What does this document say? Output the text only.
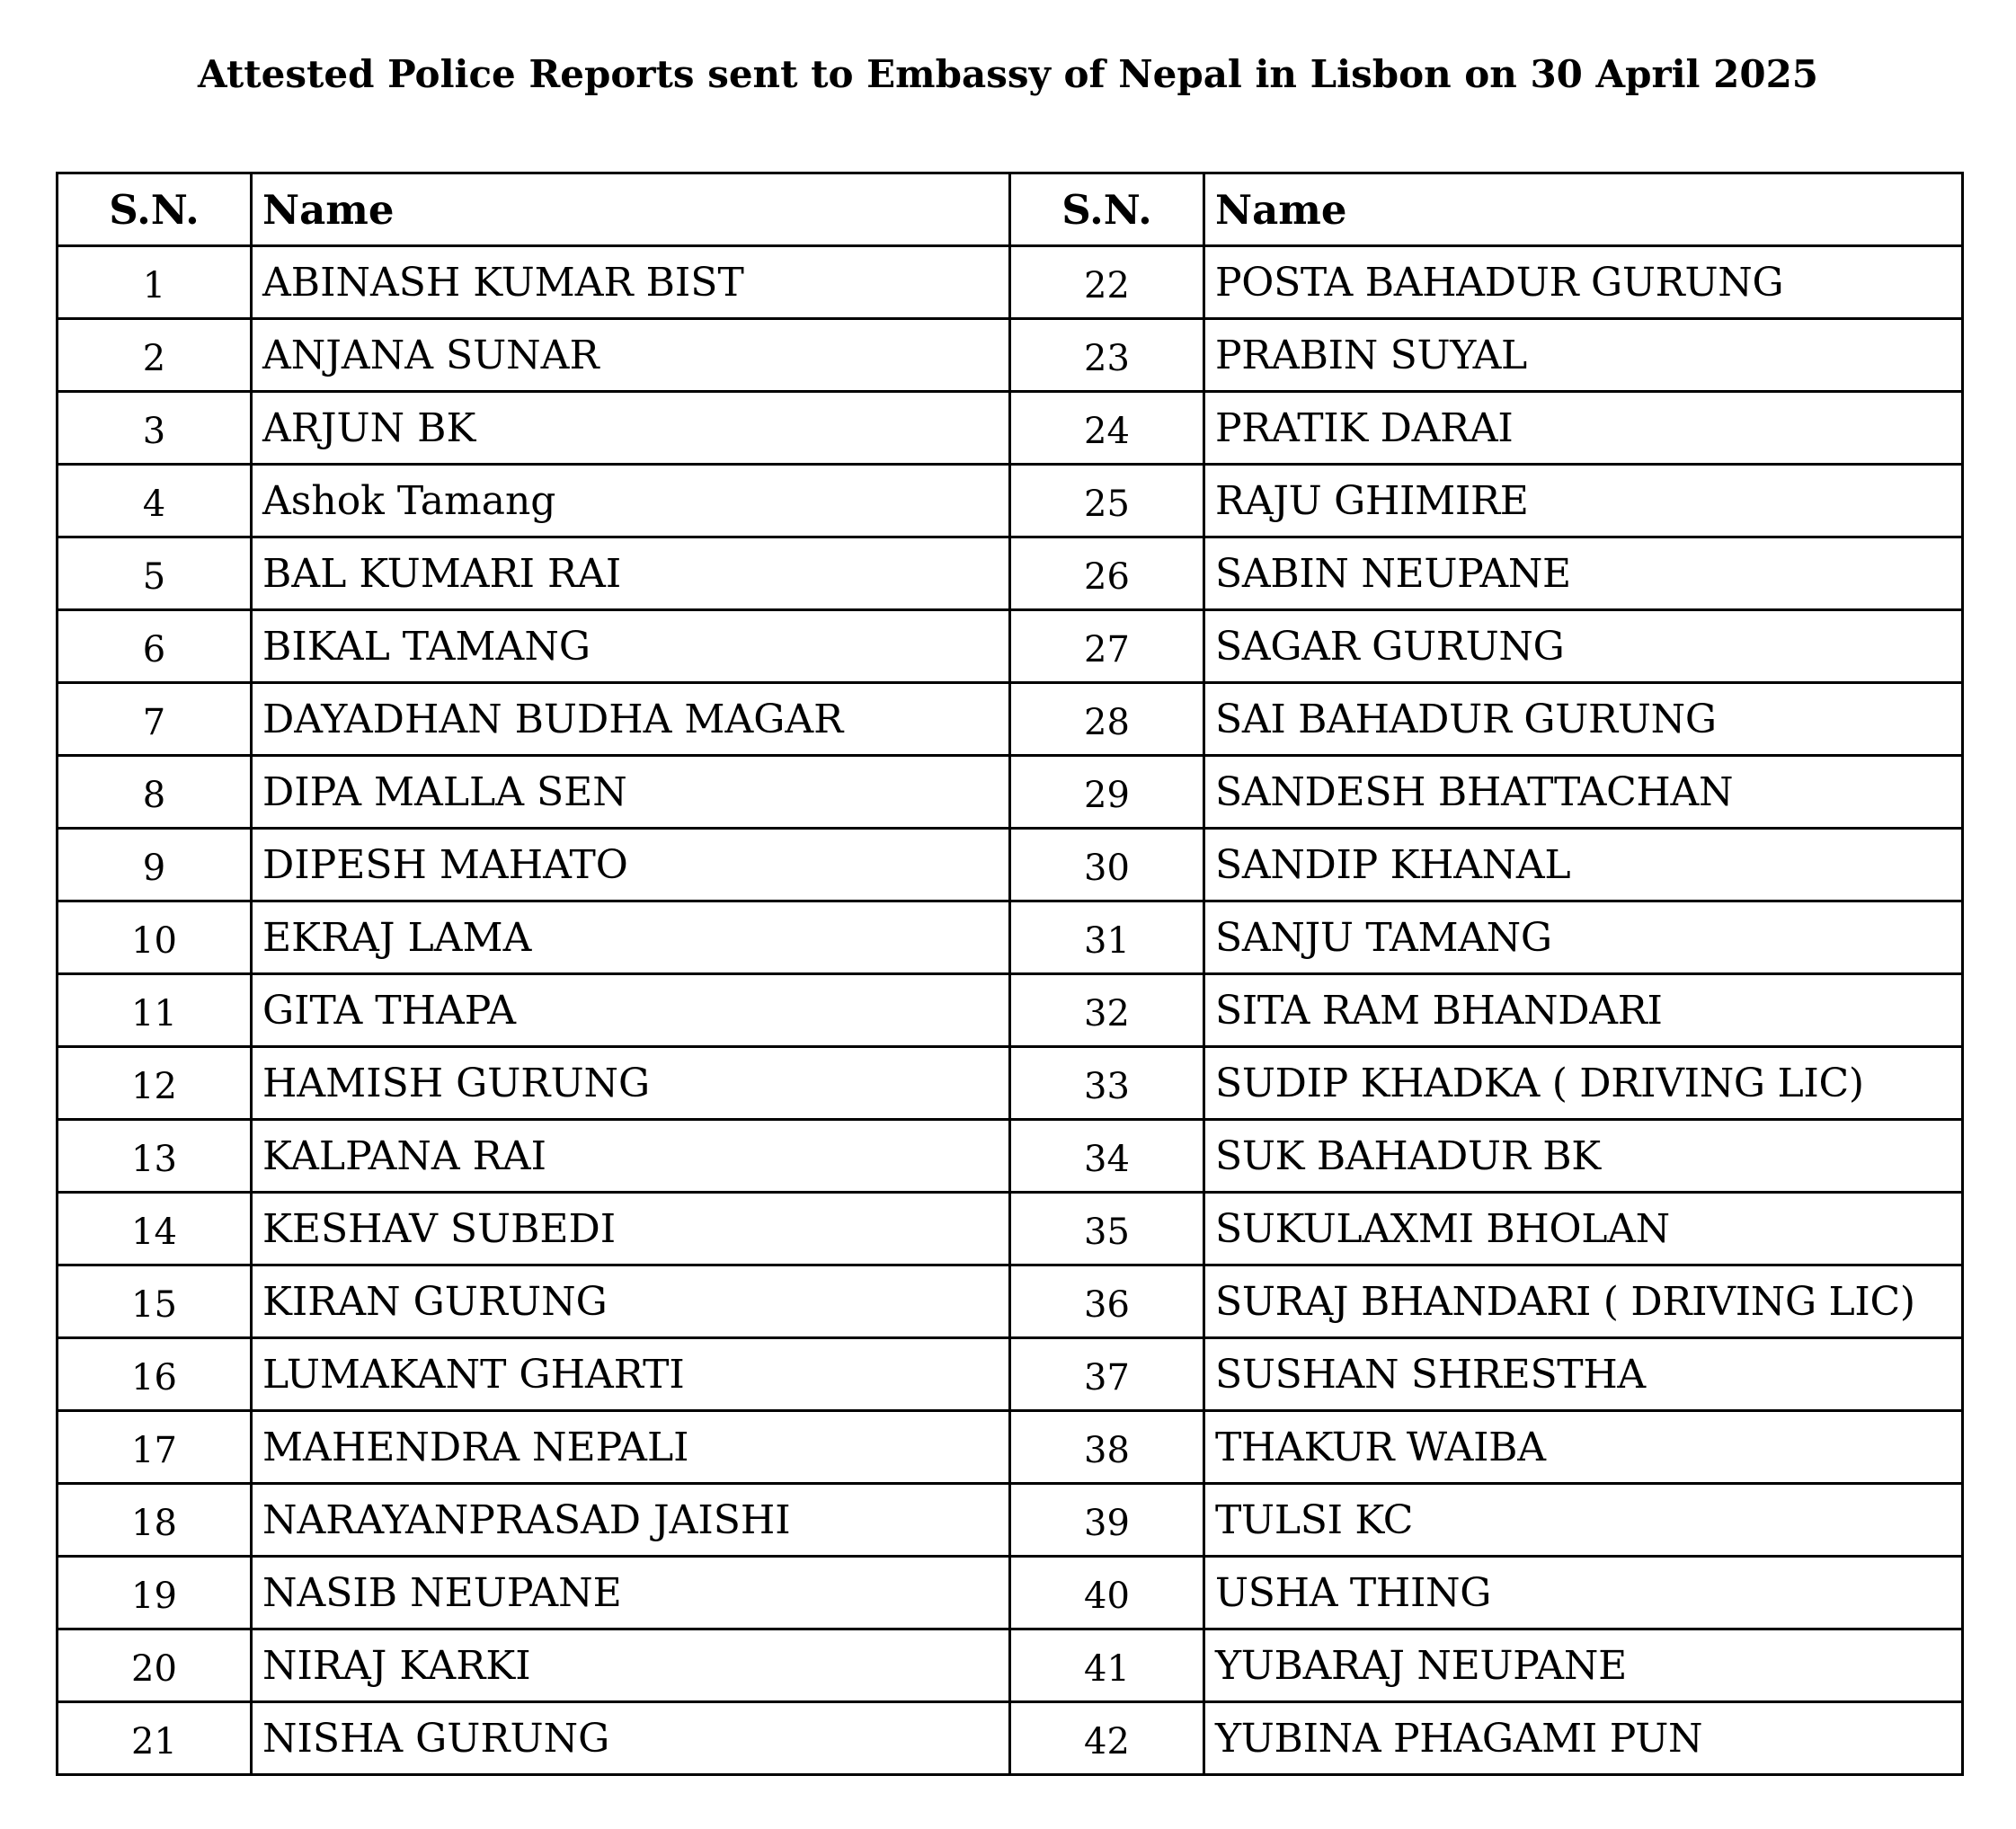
Attested Police Reports sent to Embassy of Nepal in Lisbon on 30 April 2025
S.N.	Name	S.N.	Name
1	ABINASH KUMAR BIST	22	POSTA BAHADUR GURUNG
2	ANJANA SUNAR	23	PRABIN SUYAL
3	ARJUN BK	24	PRATIK DARAI
4	Ashok Tamang	25	RAJU GHIMIRE
5	BAL KUMARI RAI	26	SABIN NEUPANE
6	BIKAL TAMANG	27	SAGAR GURUNG
7	DAYADHAN BUDHA MAGAR	28	SAI BAHADUR GURUNG
8	DIPA MALLA SEN	29	SANDESH BHATTACHAN
9	DIPESH MAHATO	30	SANDIP KHANAL
10	EKRAJ LAMA	31	SANJU TAMANG
11	GITA THAPA	32	SITA RAM BHANDARI
12	HAMISH GURUNG	33	SUDIP KHADKA ( DRIVING LIC)
13	KALPANA RAI	34	SUK BAHADUR BK
14	KESHAV SUBEDI	35	SUKULAXMI BHOLAN
15	KIRAN GURUNG	36	SURAJ BHANDARI ( DRIVING LIC)
16	LUMAKANT GHARTI	37	SUSHAN SHRESTHA
17	MAHENDRA NEPALI	38	THAKUR WAIBA
18	NARAYANPRASAD JAISHI	39	TULSI KC
19	NASIB NEUPANE	40	USHA THING
20	NIRAJ KARKI	41	YUBARAJ NEUPANE
21	NISHA GURUNG	42	YUBINA PHAGAMI PUN
